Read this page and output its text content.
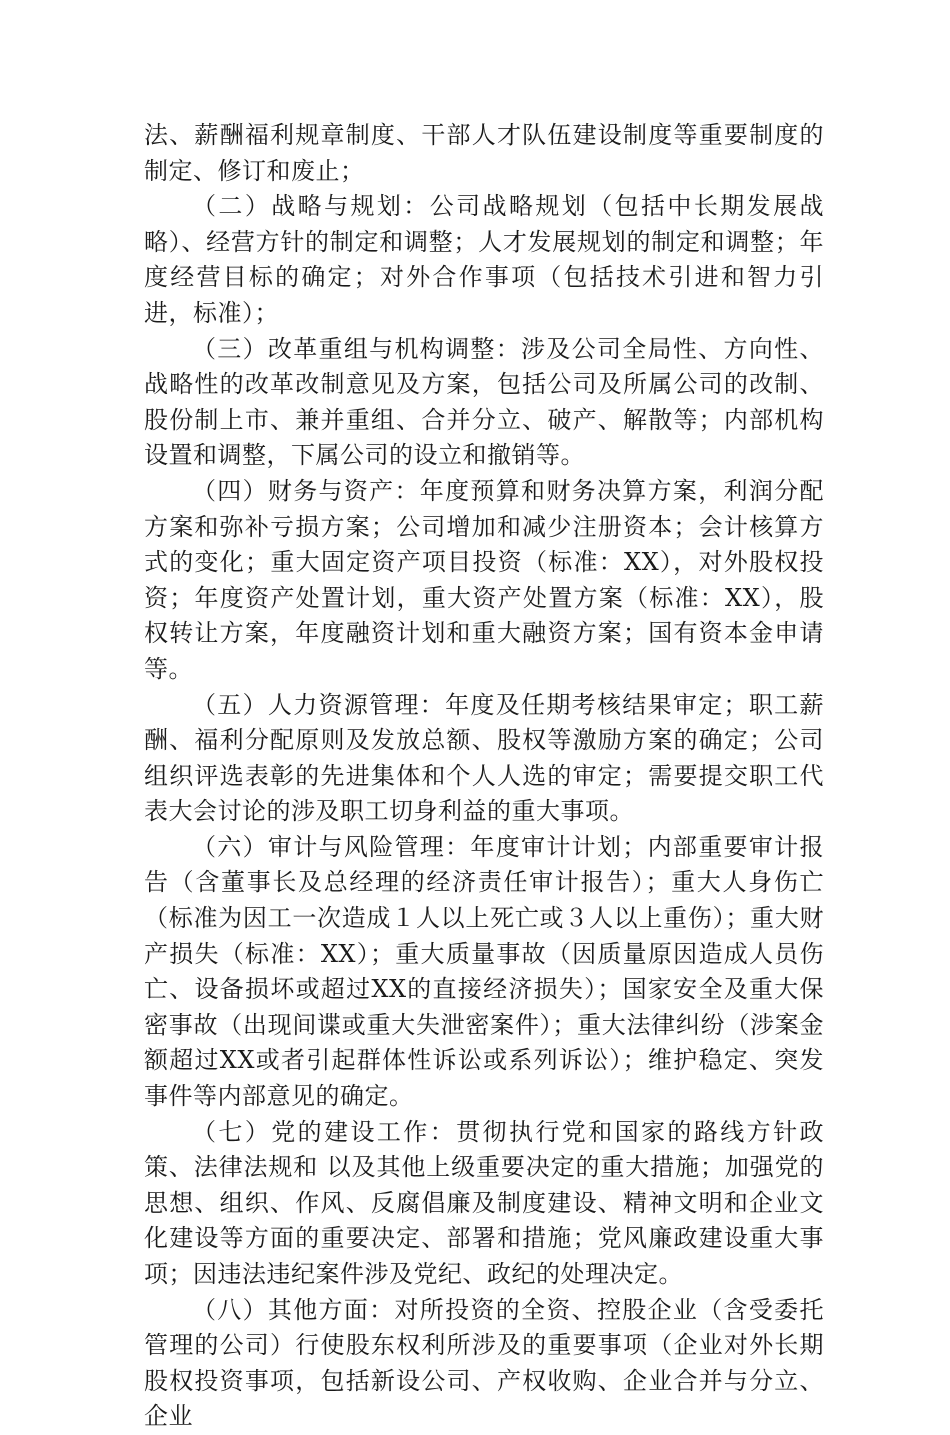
法、薪酬福利规章制度、干部人才队伍建设制度等重要制度的制定、修订和废止；

（二）战略与规划：公司战略规划（包括中长期发展战略）、经营方针的制定和调整；人才发展规划的制定和调整；年度经营目标的确定；对外合作事项（包括技术引进和智力引进，标准）；

（三）改革重组与机构调整：涉及公司全局性、方向性、战略性的改革改制意见及方案，包括公司及所属公司的改制、股份制上市、兼并重组、合并分立、破产、解散等；内部机构设置和调整，下属公司的设立和撤销等。

（四）财务与资产：年度预算和财务决算方案，利润分配方案和弥补亏损方案；公司增加和减少注册资本；会计核算方式的变化；重大固定资产项目投资（标准：XX），对外股权投资；年度资产处置计划，重大资产处置方案（标准：XX），股权转让方案，年度融资计划和重大融资方案；国有资本金申请等。

（五）人力资源管理：年度及任期考核结果审定；职工薪酬、福利分配原则及发放总额、股权等激励方案的确定；公司组织评选表彰的先进集体和个人人选的审定；需要提交职工代表大会讨论的涉及职工切身利益的重大事项。

（六）审计与风险管理：年度审计计划；内部重要审计报告（含董事长及总经理的经济责任审计报告）；重大人身伤亡（标准为因工一次造成１人以上死亡或３人以上重伤）；重大财产损失（标准：XX）；重大质量事故（因质量原因造成人员伤亡、设备损坏或超过XX的直接经济损失）；国家安全及重大保密事故（出现间谍或重大失泄密案件）；重大法律纠纷（涉案金额超过XX或者引起群体性诉讼或系列诉讼）；维护稳定、突发事件等内部意见的确定。

（七）党的建设工作：贯彻执行党和国家的路线方针政策、法律法规和 以及其他上级重要决定的重大措施；加强党的思想、组织、作风、反腐倡廉及制度建设、精神文明和企业文化建设等方面的重要决定、部署和措施；党风廉政建设重大事项；因违法违纪案件涉及党纪、政纪的处理决定。

（八）其他方面：对所投资的全资、控股企业（含受委托管理的公司）行使股东权利所涉及的重要事项（企业对外长期股权投资事项，包括新设公司、产权收购、企业合并与分立、企业
